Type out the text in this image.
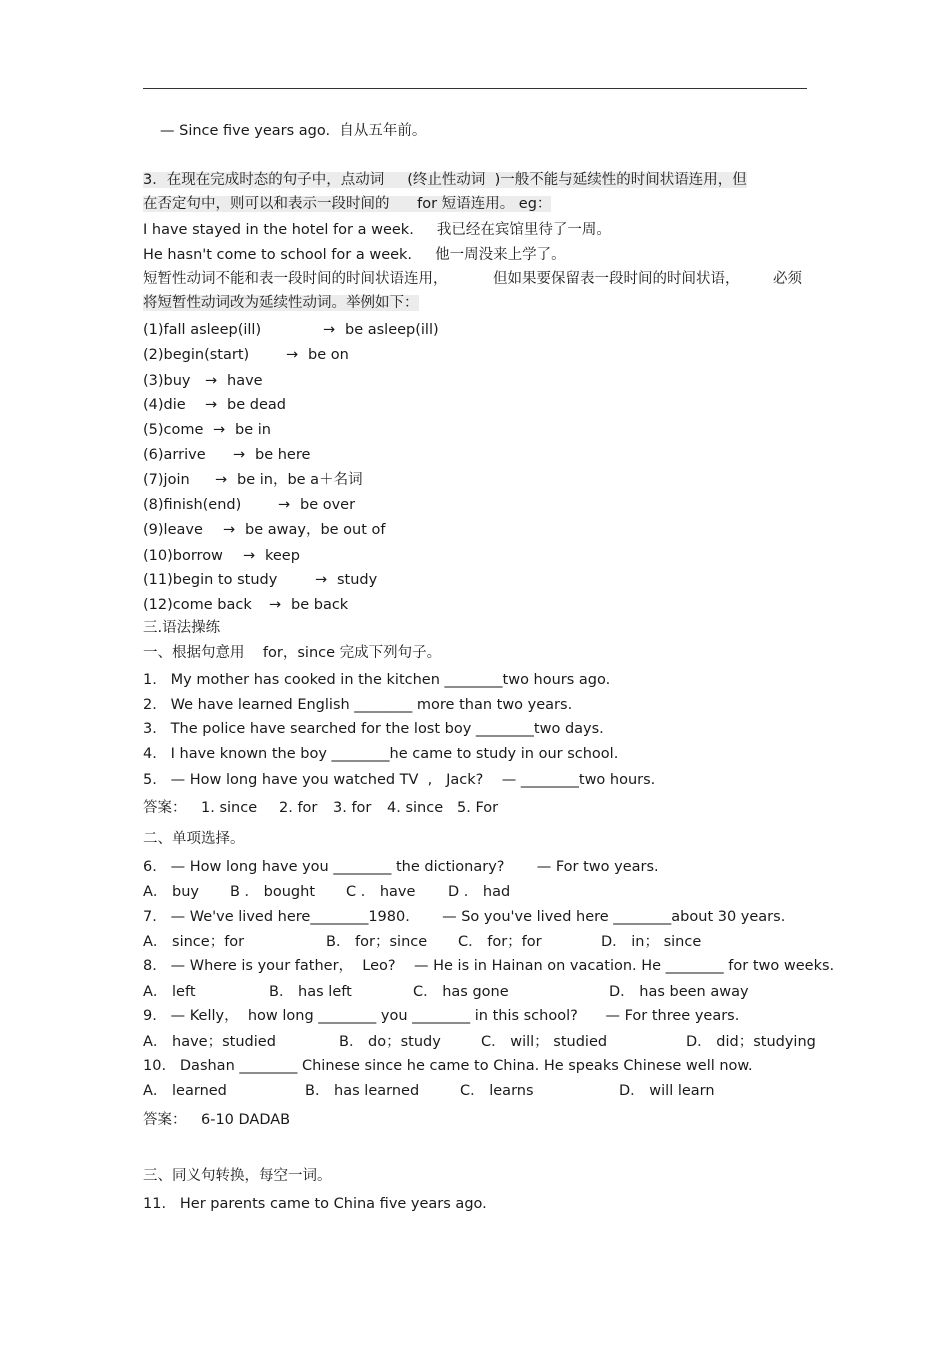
— Since five years ago.  自从五年前。
3．在现在完成时态的句子中，点动词     (终止性动词  )一般不能与延续性的时间状语连用，但
在否定句中，则可以和表示一段时间的      for 短语连用。 eg：
I have stayed in the hotel for a week.     我已经在宾馆里待了一周。
He hasn't come to school for a week.     他一周没来上学了。

短暂性动词不能和表一段时间的时间状语连用，

	但如果要保留表一段时间的时间状语，

必须

将短暂性动词改为延续性动词。举例如下：
(1)fall asleep(ill)	→ be asleep(ill)
(2)begin(start)	→ be on
(3)buy → have
(4)die → be dead
(5)come → be in
(6)arrive → be here
(7)join → be in，be a＋名词
(8)finish(end)	→ be over
(9)leave → be away，be out of
(10)borrow → keep
(11)begin to study	→ study
(12)come back → be back
三.语法操练
一、根据句意用    for，since 完成下列句子。
1.   My mother has cooked in the kitchen ________two hours ago.
2.   We have learned English ________ more than two years.
3.   The police have searched for the lost boy ________two days.
4.   I have known the boy ________he came to study in our school.
5.   — How long have you watched TV  ,   Jack?    — ________two hours.

答案：

1. since

2. for

3. for

4. since

5. For

二、单项选择。
6.   — How long have you ________ the dictionary?       — For two years.

A． buy

B ． bought

C ． have

D ． had

7.   — We've lived here________1980.       — So you've lived here ________about 30 years.

A． since；for

	B． for；since

C． for；for

	D． in； since

8.   — Where is your father，  Leo?    — He is in Hainan on vacation. He ________ for two weeks.

A． left

	B． has left

	C． has gone

	D． has been away

9.   — Kelly，  how long ________ you ________ in this school?      — For three years.

A． have；studied

	B． do；study

	C． will； studied

	D． did；studying

10.   Dashan ________ Chinese since he came to China. He speaks Chinese well now.

A． learned

	B． has learned

	C． learns

	D． will learn

答案：

6-10 DADAB

三、同义句转换，每空一词。
11.   Her parents came to China five years ago.
